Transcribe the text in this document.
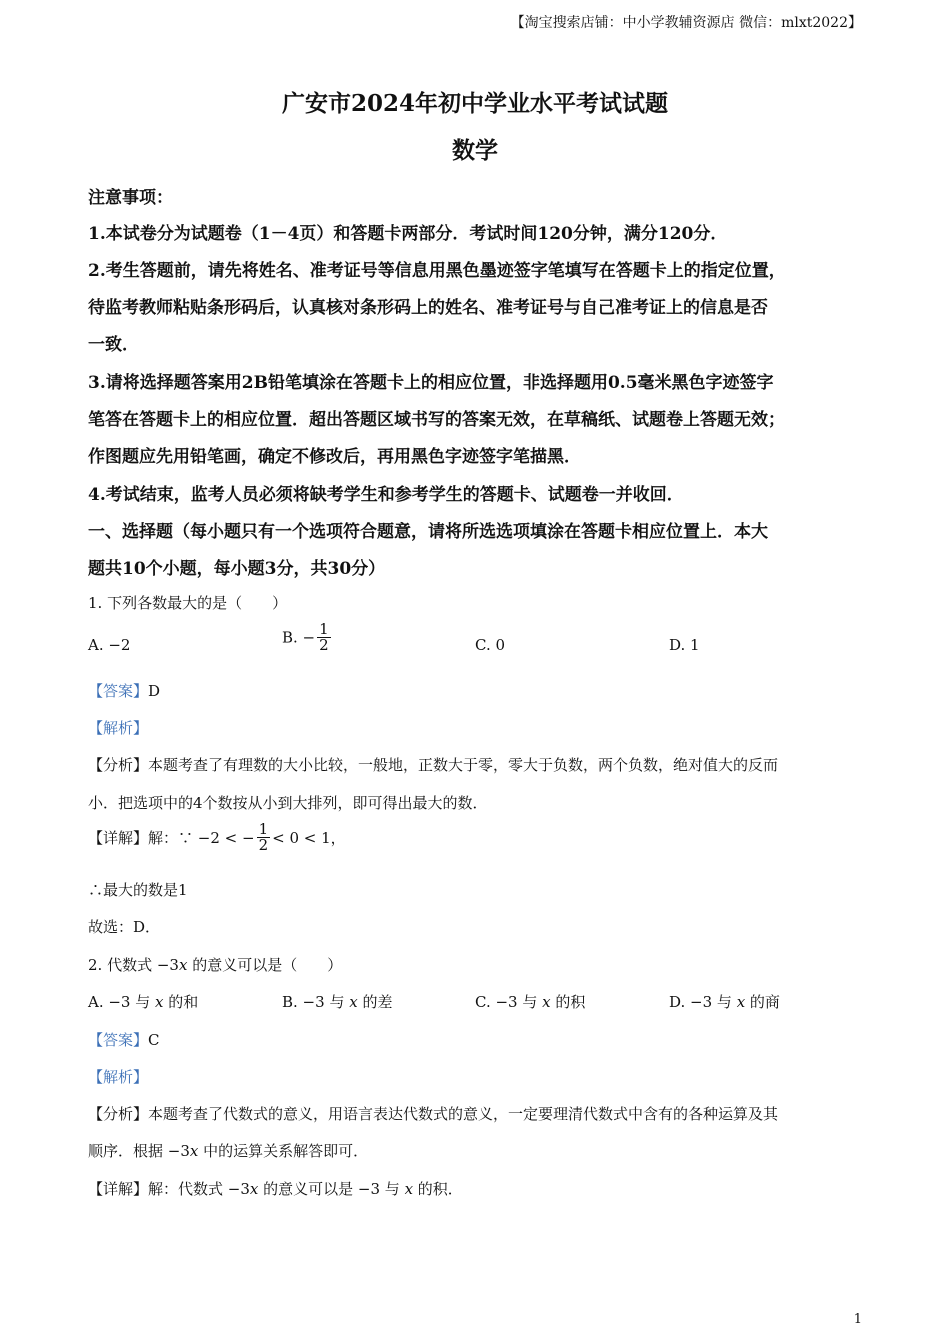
【淘宝搜索店铺：中小学教辅资源店 微信：mlxt2022】
广安市2024年初中学业水平考试试题
数学
注意事项：
1.本试卷分为试题卷（1－4页）和答题卡两部分．考试时间120分钟，满分120分．
2.考生答题前，请先将姓名、准考证号等信息用黑色墨迹签字笔填写在答题卡上的指定位置，
待监考教师粘贴条形码后，认真核对条形码上的姓名、准考证号与自己准考证上的信息是否
一致．
3.请将选择题答案用2B铅笔填涂在答题卡上的相应位置，非选择题用0.5毫米黑色字迹签字
笔答在答题卡上的相应位置．超出答题区域书写的答案无效，在草稿纸、试题卷上答题无效；
作图题应先用铅笔画，确定不修改后，再用黑色字迹签字笔描黑．
4.考试结束，监考人员必须将缺考学生和参考学生的答题卡、试题卷一并收回．
一、选择题（每小题只有一个选项符合题意，请将所选选项填涂在答题卡相应位置上．本大
题共10个小题，每小题3分，共30分）
1. 下列各数最大的是（　　）
A. −2	B. − $\frac{1}{2}$	C. 0	D. 1
【答案】D
【解析】
【分析】本题考查了有理数的大小比较，一般地，正数大于零，零大于负数，两个负数，绝对值大的反而
小．把选项中的4个数按从小到大排列，即可得出最大的数．
【详解】解：∵ −2 < − $\frac{1}{2} < 0 < 1$，
∴最大的数是1
故选：D．
2. 代数式 −3x 的意义可以是（　　）
A. −3 与 x 的和	B. −3 与 x 的差	C. −3 与 x 的积	D. −3 与 x 的商
【答案】C
【解析】
【分析】本题考查了代数式的意义，用语言表达代数式的意义，一定要理清代数式中含有的各种运算及其
顺序．根据 −3x 中的运算关系解答即可．
【详解】解：代数式 −3x 的意义可以是 −3 与 x 的积．
1
